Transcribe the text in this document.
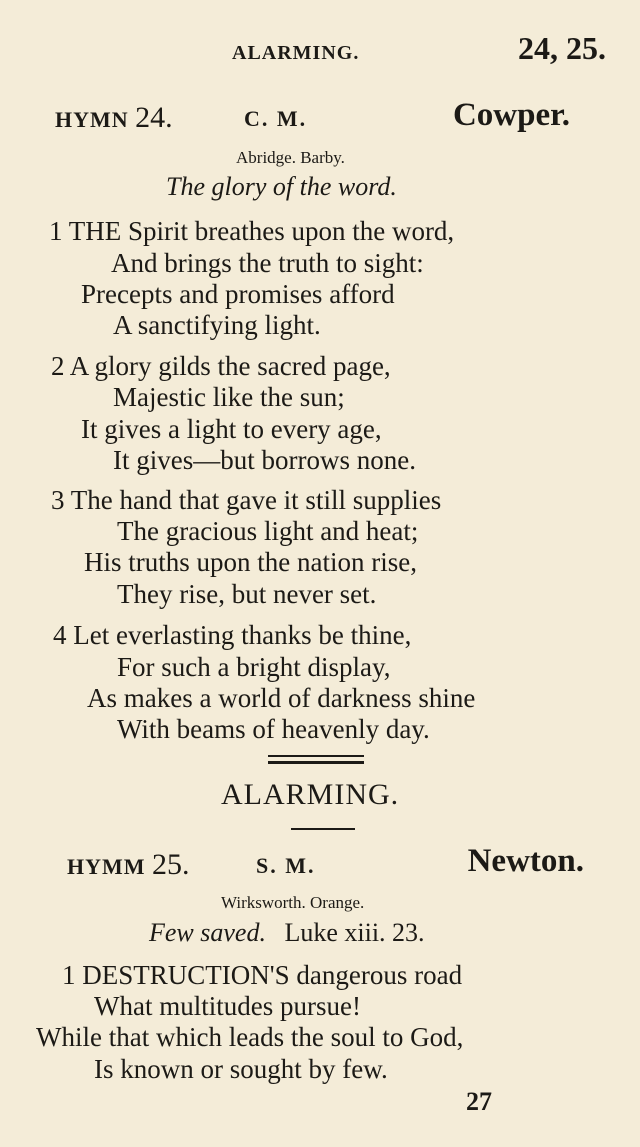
ALARMING.	24, 25.
HYMN 24.	C. M.	Cowper.
Abridge. Barby.
The glory of the word.
1 THE Spirit breathes upon the word,
And brings the truth to sight:
Precepts and promises afford
A sanctifying light.
2 A glory gilds the sacred page,
Majestic like the sun;
It gives a light to every age,
It gives—but borrows none.
3 The hand that gave it still supplies
The gracious light and heat;
His truths upon the nation rise,
They rise, but never set.
4 Let everlasting thanks be thine,
For such a bright display,
As makes a world of darkness shine
With beams of heavenly day.
ALARMING.
HYMM 25.	S. M.	Newton.
Wirksworth. Orange.
Few saved. Luke xiii. 23.
1 DESTRUCTION'S dangerous road
What multitudes pursue!
While that which leads the soul to God,
Is known or sought by few.
27
